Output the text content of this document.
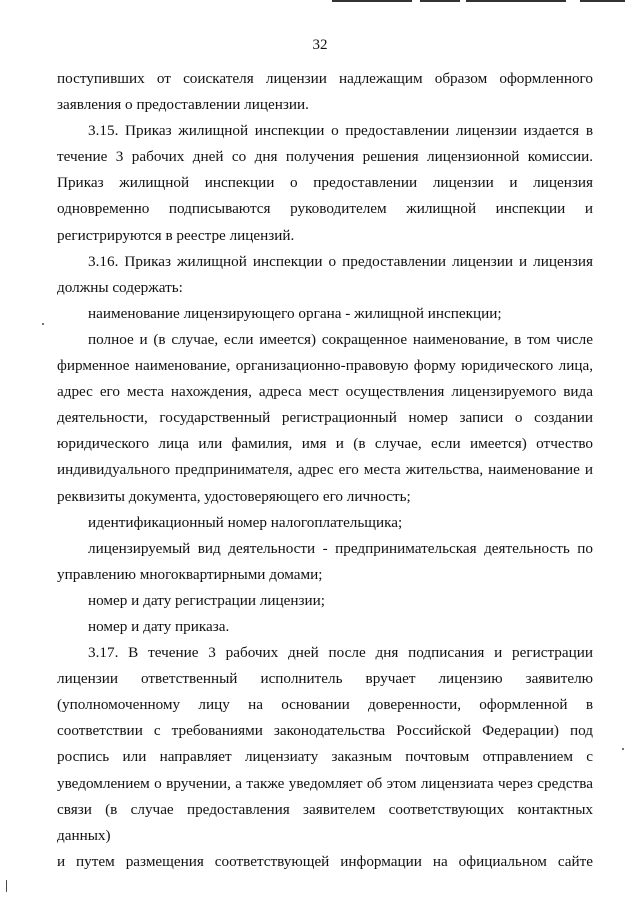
32

поступивших от соискателя лицензии надлежащим образом оформленного заявления о предоставлении лицензии.

3.15. Приказ жилищной инспекции о предоставлении лицензии издается в течение 3 рабочих дней со дня получения решения лицензионной комиссии. Приказ жилищной инспекции о предоставлении лицензии и лицензия одновременно подписываются руководителем жилищной инспекции и регистрируются в реестре лицензий.

3.16. Приказ жилищной инспекции о предоставлении лицензии и лицензия должны содержать:

наименование лицензирующего органа - жилищной инспекции;

полное и (в случае, если имеется) сокращенное наименование, в том числе фирменное наименование, организационно-правовую форму юридического лица, адрес его места нахождения, адреса мест осуществления лицензируемого вида деятельности, государственный регистрационный номер записи о создании юридического лица или фамилия, имя и (в случае, если имеется) отчество индивидуального предпринимателя, адрес его места жительства, наименование и реквизиты документа, удостоверяющего его личность;

идентификационный номер налогоплательщика;

лицензируемый вид деятельности - предпринимательская деятельность по управлению многоквартирными домами;

номер и дату регистрации лицензии;

номер и дату приказа.

3.17. В течение 3 рабочих дней после дня подписания и регистрации

лицензии ответственный исполнитель вручает лицензию заявителю

(уполномоченному лицу на основании доверенности, оформленной в

соответствии с требованиями законодательства Российской Федерации) под

роспись или направляет лицензиату заказным почтовым отправлением с

уведомлением о вручении, а также уведомляет об этом лицензиата через средства

связи (в случае предоставления заявителем соответствующих контактных данных)

и путем размещения соответствующей информации на официальном сайте
